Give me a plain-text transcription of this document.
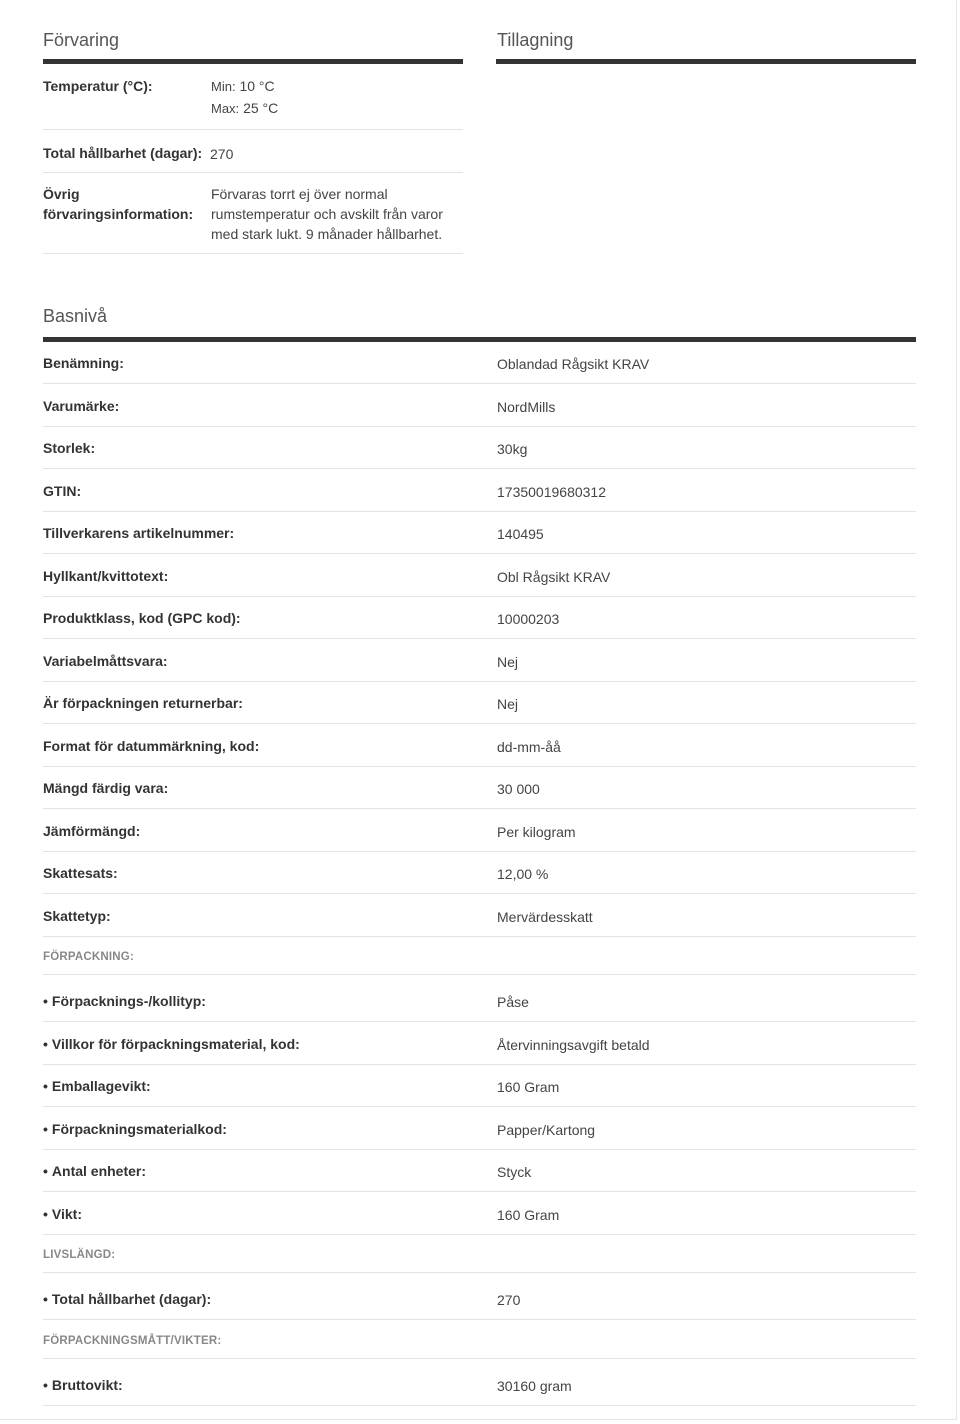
Förvaring
Temperatur (°C):	Min: 10 °C
Max: 25 °C
Total hållbarhet (dagar): 270
Övrig
förvaringsinformation:
Förvaras torrt ej över normal
rumstemperatur och avskilt från varor
med stark lukt. 9 månader hållbarhet.
Tillagning
Basnivå
Benämning:	Oblandad Rågsikt KRAV
Varumärke:	NordMills
Storlek:	30kg
GTIN:	17350019680312
Tillverkarens artikelnummer:	140495
Hyllkant/kvittotext:	Obl Rågsikt KRAV
Produktklass, kod (GPC kod):	10000203
Variabelmåttsvara:	Nej
Är förpackningen returnerbar:	Nej
Format för datummärkning, kod:	dd-mm-åå
Mängd färdig vara:	30 000
Jämförmängd:	Per kilogram
Skattesats:	12,00 %
Skattetyp:	Mervärdesskatt
FÖRPACKNING:
• Förpacknings-/kollityp:	Påse
• Villkor för förpackningsmaterial, kod:	Återvinningsavgift betald
• Emballagevikt:	160 Gram
• Förpackningsmaterialkod:	Papper/Kartong
• Antal enheter:	Styck
• Vikt:	160 Gram
LIVSLÄNGD:
• Total hållbarhet (dagar):	270
FÖRPACKNINGSMÅTT/VIKTER:
• Bruttovikt:	30160 gram
